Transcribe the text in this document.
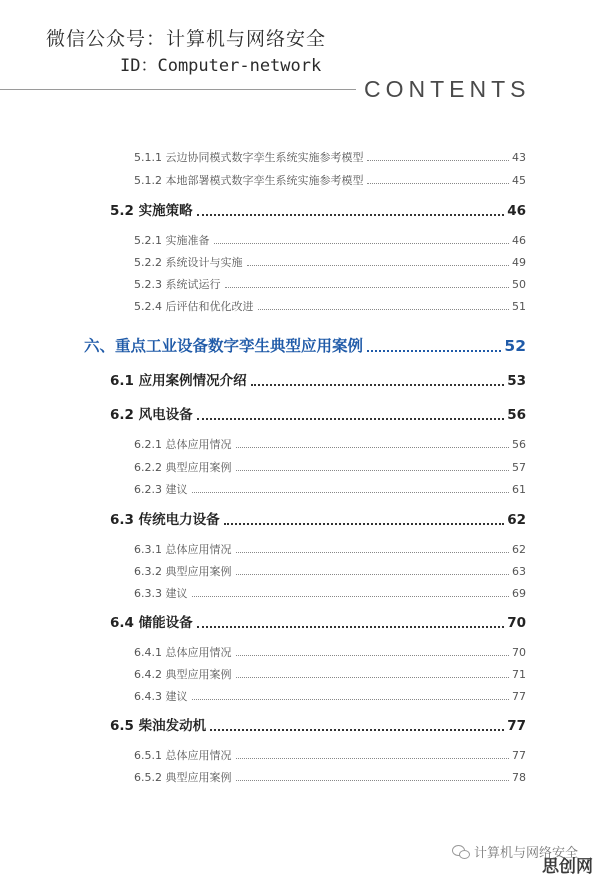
微信公众号：计算机与网络安全
ID：Computer-network
CONTENTS
5.1.1 云边协同模式数字孪生系统实施参考模型	43
5.1.2 本地部署模式数字孪生系统实施参考模型	45
5.2 实施策略	46
5.2.1 实施准备	46
5.2.2 系统设计与实施	49
5.2.3 系统试运行	50
5.2.4 后评估和优化改进	51
六、重点工业设备数字孪生典型应用案例	52
6.1 应用案例情况介绍	53
6.2 风电设备	56
6.2.1 总体应用情况	56
6.2.2 典型应用案例	57
6.2.3 建议	61
6.3 传统电力设备	62
6.3.1 总体应用情况	62
6.3.2 典型应用案例	63
6.3.3 建议	69
6.4 储能设备	70
6.4.1 总体应用情况	70
6.4.2 典型应用案例	71
6.4.3 建议	77
6.5 柴油发动机	77
6.5.1 总体应用情况	77
6.5.2 典型应用案例	78
计算机与网络安全
思创网
